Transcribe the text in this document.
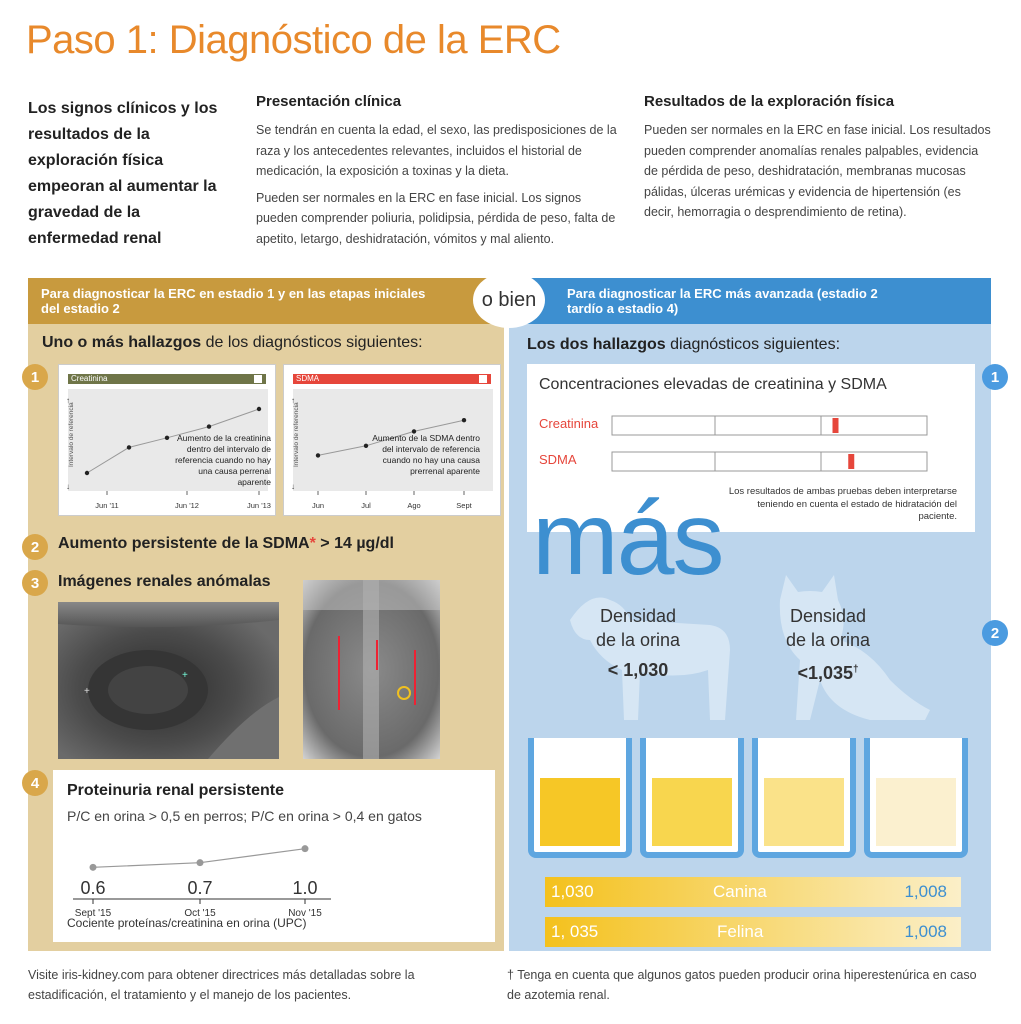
Paso 1: Diagnóstico de la ERC
Los signos clínicos y los resultados de la exploración física empeoran al aumentar la gravedad de la enfermedad renal
Presentación clínica
Se tendrán en cuenta la edad, el sexo, las predisposiciones de la raza y los antecedentes relevantes, incluidos el historial de medicación, la exposición a toxinas y la dieta.
Pueden ser normales en la ERC en fase inicial. Los signos pueden comprender poliuria, polidipsia, pérdida de peso, falta de apetito, letargo, deshidratación, vómitos y mal aliento.
Resultados de la exploración física
Pueden ser normales en la ERC en fase inicial. Los resultados pueden comprender anomalías renales palpables, evidencia de pérdida de peso, deshidratación, membranas mucosas pálidas, úlceras urémicas y evidencia de hipertensión (es decir, hemorragia o desprendimiento de retina).
Para diagnosticar la ERC en estadio 1 y en las etapas iniciales del estadio 2
Para diagnosticar la ERC más avanzada (estadio 2 tardío a estadio 4)
o bien
Uno o más hallazgos de los diagnósticos siguientes:	Los dos hallazgos diagnósticos siguientes:
1
2
3
4
1
2
Creatinina
Intervalo de referencia
↑
↓
Jun '11	Jun '12	Jun '13
Aumento de la creatinina dentro del intervalo de referencia cuando no hay una causa perrenal aparente
SDMA
Intervalo de referencia
↑
↓
Jun	Jul	Ago	Sept
Aumento de la SDMA dentro del intervalo de referencia cuando no hay una causa prerrenal aparente
Aumento persistente de la SDMA* > 14 µg/dl
Imágenes renales anómalas
+
+
Proteinuria renal persistente
P/C en orina > 0,5 en perros; P/C en orina > 0,4 en gatos
0.6
Sept '15
0.7
Oct '15
1.0
Nov '15
Cociente proteínas/creatinina en orina (UPC)
Concentraciones elevadas de creatinina y SDMA
Creatinina
SDMA
Los resultados de ambas pruebas deben interpretarse teniendo en cuenta el estado de hidratación del paciente.
más
Densidad
de la orina
< 1,030
Densidad
de la orina
<1,035†
1,030	Canina	1,008
1, 035	Felina	1,008
Visite iris-kidney.com para obtener directrices más detalladas sobre la estadificación, el tratamiento y el manejo de los pacientes.
† Tenga en cuenta que algunos gatos pueden producir orina hiperestenúrica en caso de azotemia renal.
